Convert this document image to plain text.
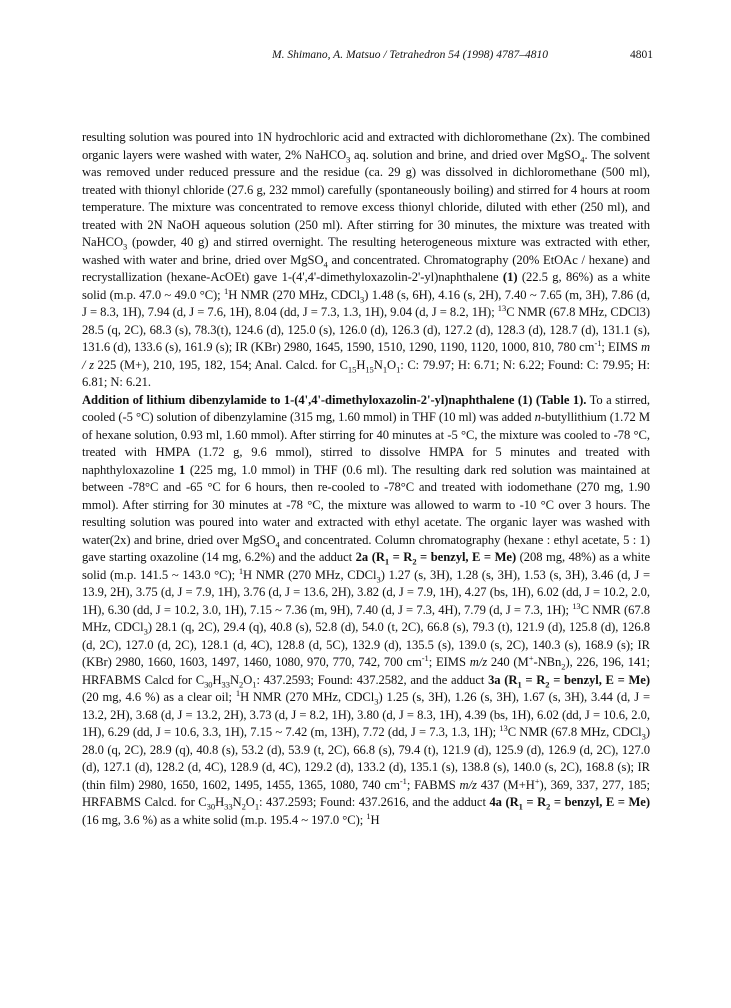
M. Shimano, A. Matsuo / Tetrahedron 54 (1998) 4787–4810	4801

resulting solution was poured into 1N hydrochloric acid and extracted with dichloromethane (2x). The combined organic layers were washed with water, 2% NaHCO$_3$ aq. solution and brine, and dried over MgSO$_4$. The solvent was removed under reduced pressure and the residue (ca. 29 g) was dissolved in dichloromethane (500 ml), treated with thionyl chloride (27.6 g, 232 mmol) carefully (spontaneously boiling) and stirred for 4 hours at room temperature. The mixture was concentrated to remove excess thionyl chloride, diluted with ether (250 ml), and treated with 2N NaOH aqueous solution (250 ml). After stirring for 30 minutes, the mixture was treated with NaHCO$_3$ (powder, 40 g) and stirred overnight. The resulting heterogeneous mixture was extracted with ether, washed with water and brine, dried over MgSO$_4$ and concentrated. Chromatography (20% EtOAc / hexane) and recrystallization (hexane-AcOEt) gave 1-(4',4'-dimethyloxazolin-2'-yl)naphthalene (1) (22.5 g, 86%) as a white solid (m.p. 47.0 ~ 49.0 °C); $^1$H NMR (270 MHz, CDCl$_3$) 1.48 (s, 6H), 4.16 (s, 2H), 7.40 ~ 7.65 (m, 3H), 7.86 (d, J = 8.3, 1H), 7.94 (d, J = 7.6, 1H), 8.04 (dd, J = 7.3, 1.3, 1H), 9.04 (d, J = 8.2, 1H); $^{13}$C NMR (67.8 MHz, CDCl3) 28.5 (q, 2C), 68.3 (s), 78.3(t), 124.6 (d), 125.0 (s), 126.0 (d), 126.3 (d), 127.2 (d), 128.3 (d), 128.7 (d), 131.1 (s), 131.6 (d), 133.6 (s), 161.9 (s); IR (KBr) 2980, 1645, 1590, 1510, 1290, 1190, 1120, 1000, 810, 780 $cm^{-1}$; EIMS m / z 225 (M+), 210, 195, 182, 154; Anal. Calcd. for $C_{15}H_{15}N_1O_1$: C: 79.97; H: 6.71; N: 6.22; Found: C: 79.95; H: 6.81; N: 6.21.

Addition of lithium dibenzylamide to 1-(4',4'-dimethyloxazolin-2'-yl)naphthalene (1) (Table 1). To a stirred, cooled (-5 °C) solution of dibenzylamine (315 mg, 1.60 mmol) in THF (10 ml) was added n-butyllithium (1.72 M of hexane solution, 0.93 ml, 1.60 mmol). After stirring for 40 minutes at -5 °C, the mixture was cooled to -78 °C, treated with HMPA (1.72 g, 9.6 mmol), stirred to dissolve HMPA for 5 minutes and treated with naphthyloxazoline 1 (225 mg, 1.0 mmol) in THF (0.6 ml). The resulting dark red solution was maintained at between -78°C and -65 °C for 6 hours, then re-cooled to -78°C and treated with iodomethane (270 mg, 1.90 mmol). After stirring for 30 minutes at -78 °C, the mixture was allowed to warm to -10 °C over 3 hours. The resulting solution was poured into water and extracted with ethyl acetate. The organic layer was washed with water(2x) and brine, dried over MgSO$_4$ and concentrated. Column chromatography (hexane : ethyl acetate, 5 : 1) gave starting oxazoline (14 mg, 6.2%) and the adduct 2a ($R_1 = R_2$ = benzyl, E = Me) (208 mg, 48%) as a white solid (m.p. 141.5 ~ 143.0 °C); $^1$H NMR (270 MHz, CDCl$_3$) 1.27 (s, 3H), 1.28 (s, 3H), 1.53 (s, 3H), 3.46 (d, J = 13.9, 2H), 3.75 (d, J = 7.9, 1H), 3.76 (d, J = 13.6, 2H), 3.82 (d, J = 7.9, 1H), 4.27 (bs, 1H), 6.02 (dd, J = 10.2, 2.0, 1H), 6.30 (dd, J = 10.2, 3.0, 1H), 7.15 ~ 7.36 (m, 9H), 7.40 (d, J = 7.3, 4H), 7.79 (d, J = 7.3, 1H); $^{13}$C NMR (67.8 MHz, CDCl$_3$) 28.1 (q, 2C), 29.4 (q), 40.8 (s), 52.8 (d), 54.0 (t, 2C), 66.8 (s), 79.3 (t), 121.9 (d), 125.8 (d), 126.8 (d, 2C), 127.0 (d, 2C), 128.1 (d, 4C), 128.8 (d, 5C), 132.9 (d), 135.5 (s), 139.0 (s, 2C), 140.3 (s), 168.9 (s); IR (KBr) 2980, 1660, 1603, 1497, 1460, 1080, 970, 770, 742, 700 $cm^{-1}$; EIMS m/z 240 (M+-NBn$_2$), 226, 196, 141; HRFABMS Calcd for $C_{30}H_{33}N_2O_1$: 437.2593; Found: 437.2582, and the adduct 3a ($R_1 = R_2$ = benzyl, E = Me) (20 mg, 4.6 %) as a clear oil; $^1$H NMR (270 MHz, CDCl$_3$) 1.25 (s, 3H), 1.26 (s, 3H), 1.67 (s, 3H), 3.44 (d, J = 13.2, 2H), 3.68 (d, J = 13.2, 2H), 3.73 (d, J = 8.2, 1H), 3.80 (d, J = 8.3, 1H), 4.39 (bs, 1H), 6.02 (dd, J = 10.6, 2.0, 1H), 6.29 (dd, J = 10.6, 3.3, 1H), 7.15 ~ 7.42 (m, 13H), 7.72 (dd, J = 7.3, 1.3, 1H); $^{13}$C NMR (67.8 MHz, CDCl$_3$) 28.0 (q, 2C), 28.9 (q), 40.8 (s), 53.2 (d), 53.9 (t, 2C), 66.8 (s), 79.4 (t), 121.9 (d), 125.9 (d), 126.9 (d, 2C), 127.0 (d), 127.1 (d), 128.2 (d, 4C), 128.9 (d, 4C), 129.2 (d), 133.2 (d), 135.1 (s), 138.8 (s), 140.0 (s, 2C), 168.8 (s); IR (thin film) 2980, 1650, 1602, 1495, 1455, 1365, 1080, 740 $cm^{-1}$; FABMS m/z 437 (M+H+), 369, 337, 277, 185; HRFABMS Calcd. for $C_{30}H_{33}N_2O_1$: 437.2593; Found: 437.2616, and the adduct 4a ($R_1 = R_2$ = benzyl, E = Me) (16 mg, 3.6 %) as a white solid (m.p. 195.4 ~ 197.0 °C); $^1$H
